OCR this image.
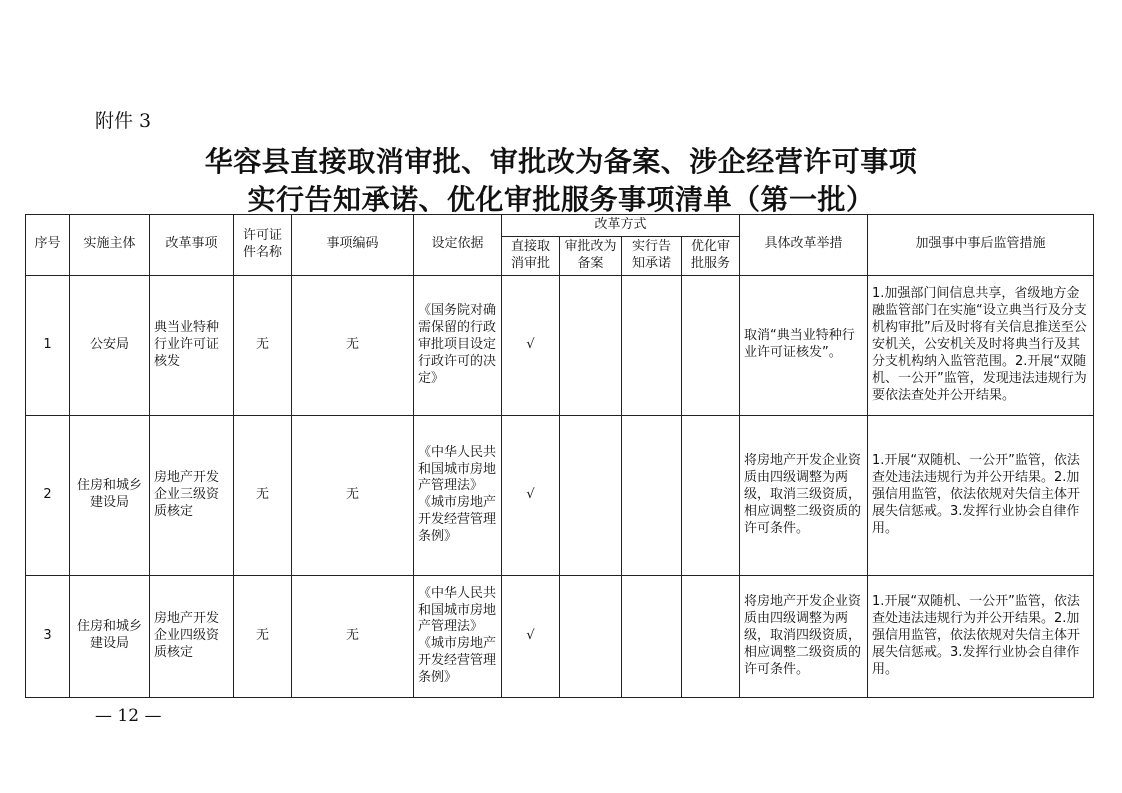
附件 3
华容县直接取消审批、审批改为备案、涉企经营许可事项
实行告知承诺、优化审批服务事项清单（第一批）
序号	实施主体	改革事项	许可证件名称	事项编码	设定依据	改革方式				具体改革举措	加强事中事后监管措施
						直接取消审批	审批改为备案	实行告知承诺	优化审批服务		
1	公安局	典当业特种行业许可证核发	无	无	《国务院对确需保留的行政审批项目设定行政许可的决定》	√				取消“典当业特种行业许可证核发”。	1.加强部门间信息共享，省级地方金融监管部门在实施“设立典当行及分支机构审批”后及时将有关信息推送至公安机关，公安机关及时将典当行及其分支机构纳入监管范围。2.开展“双随机、一公开”监管，发现违法违规行为要依法查处并公开结果。
2	住房和城乡建设局	房地产开发企业三级资质核定	无	无	《中华人民共和国城市房地产管理法》《城市房地产开发经营管理条例》	√				将房地产开发企业资质由四级调整为两级，取消三级资质，相应调整二级资质的许可条件。	1.开展“双随机、一公开”监管，依法查处违法违规行为并公开结果。2.加强信用监管，依法依规对失信主体开展失信惩戒。3.发挥行业协会自律作用。
3	住房和城乡建设局	房地产开发企业四级资质核定	无	无	《中华人民共和国城市房地产管理法》《城市房地产开发经营管理条例》	√				将房地产开发企业资质由四级调整为两级，取消四级资质，相应调整二级资质的许可条件。	1.开展“双随机、一公开”监管，依法查处违法违规行为并公开结果。2.加强信用监管，依法依规对失信主体开展失信惩戒。3.发挥行业协会自律作用。
— 12 —
